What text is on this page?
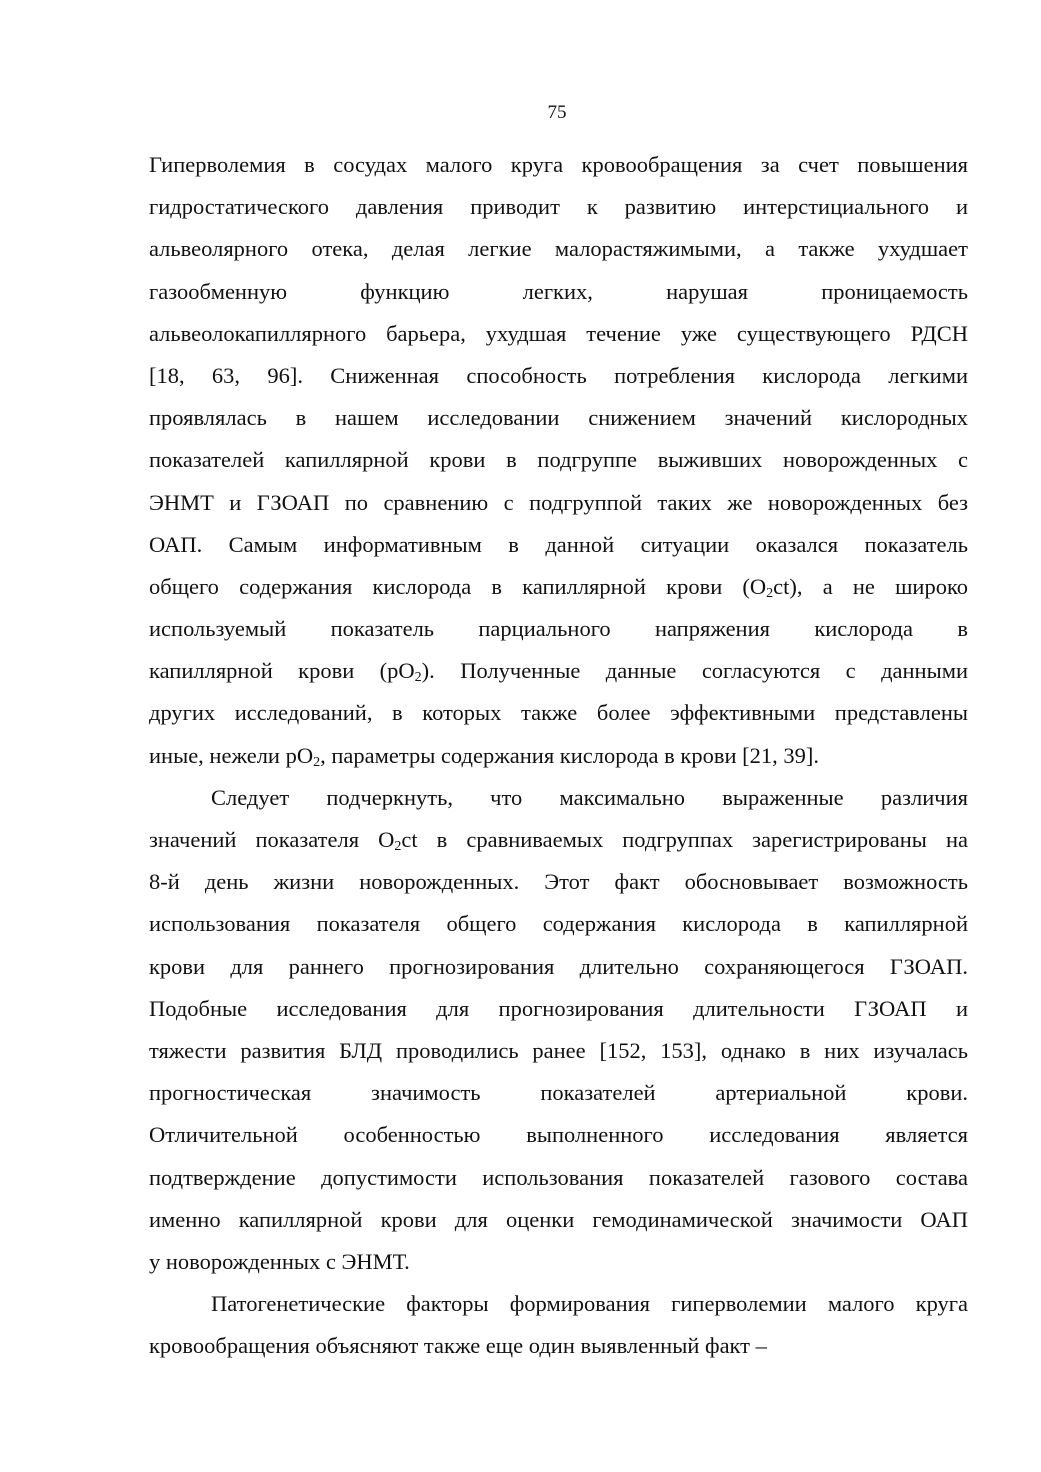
75
Гиперволемия в сосудах малого круга кровообращения за счет повышения
гидростатического давления приводит к развитию интерстициального и
альвеолярного отека, делая легкие малорастяжимыми, а также ухудшает
газообменную функцию легких, нарушая проницаемость
альвеолокапиллярного барьера, ухудшая течение уже существующего РДСН
[18, 63, 96]. Сниженная способность потребления кислорода легкими
проявлялась в нашем исследовании снижением значений кислородных
показателей капиллярной крови в подгруппе выживших новорожденных с
ЭНМТ и ГЗОАП по сравнению с подгруппой таких же новорожденных без
ОАП. Самым информативным в данной ситуации оказался показатель
общего содержания кислорода в капиллярной крови $(O_2ct)$, а не широко
используемый показатель парциального напряжения кислорода в
капиллярной крови $(pO_2)$. Полученные данные согласуются с данными
других исследований, в которых также более эффективными представлены
иные, нежели $pO_2$, параметры содержания кислорода в крови [21, 39].
Следует подчеркнуть, что максимально выраженные различия
значений показателя $O_2ct$ в сравниваемых подгруппах зарегистрированы на
8-й день жизни новорожденных. Этот факт обосновывает возможность
использования показателя общего содержания кислорода в капиллярной
крови для раннего прогнозирования длительно сохраняющегося ГЗОАП.
Подобные исследования для прогнозирования длительности ГЗОАП и
тяжести развития БЛД проводились ранее [152, 153], однако в них изучалась
прогностическая значимость показателей артериальной крови.
Отличительной особенностью выполненного исследования является
подтверждение допустимости использования показателей газового состава
именно капиллярной крови для оценки гемодинамической значимости ОАП
у новорожденных с ЭНМТ.
Патогенетические факторы формирования гиперволемии малого круга
кровообращения объясняют также еще один выявленный факт –
